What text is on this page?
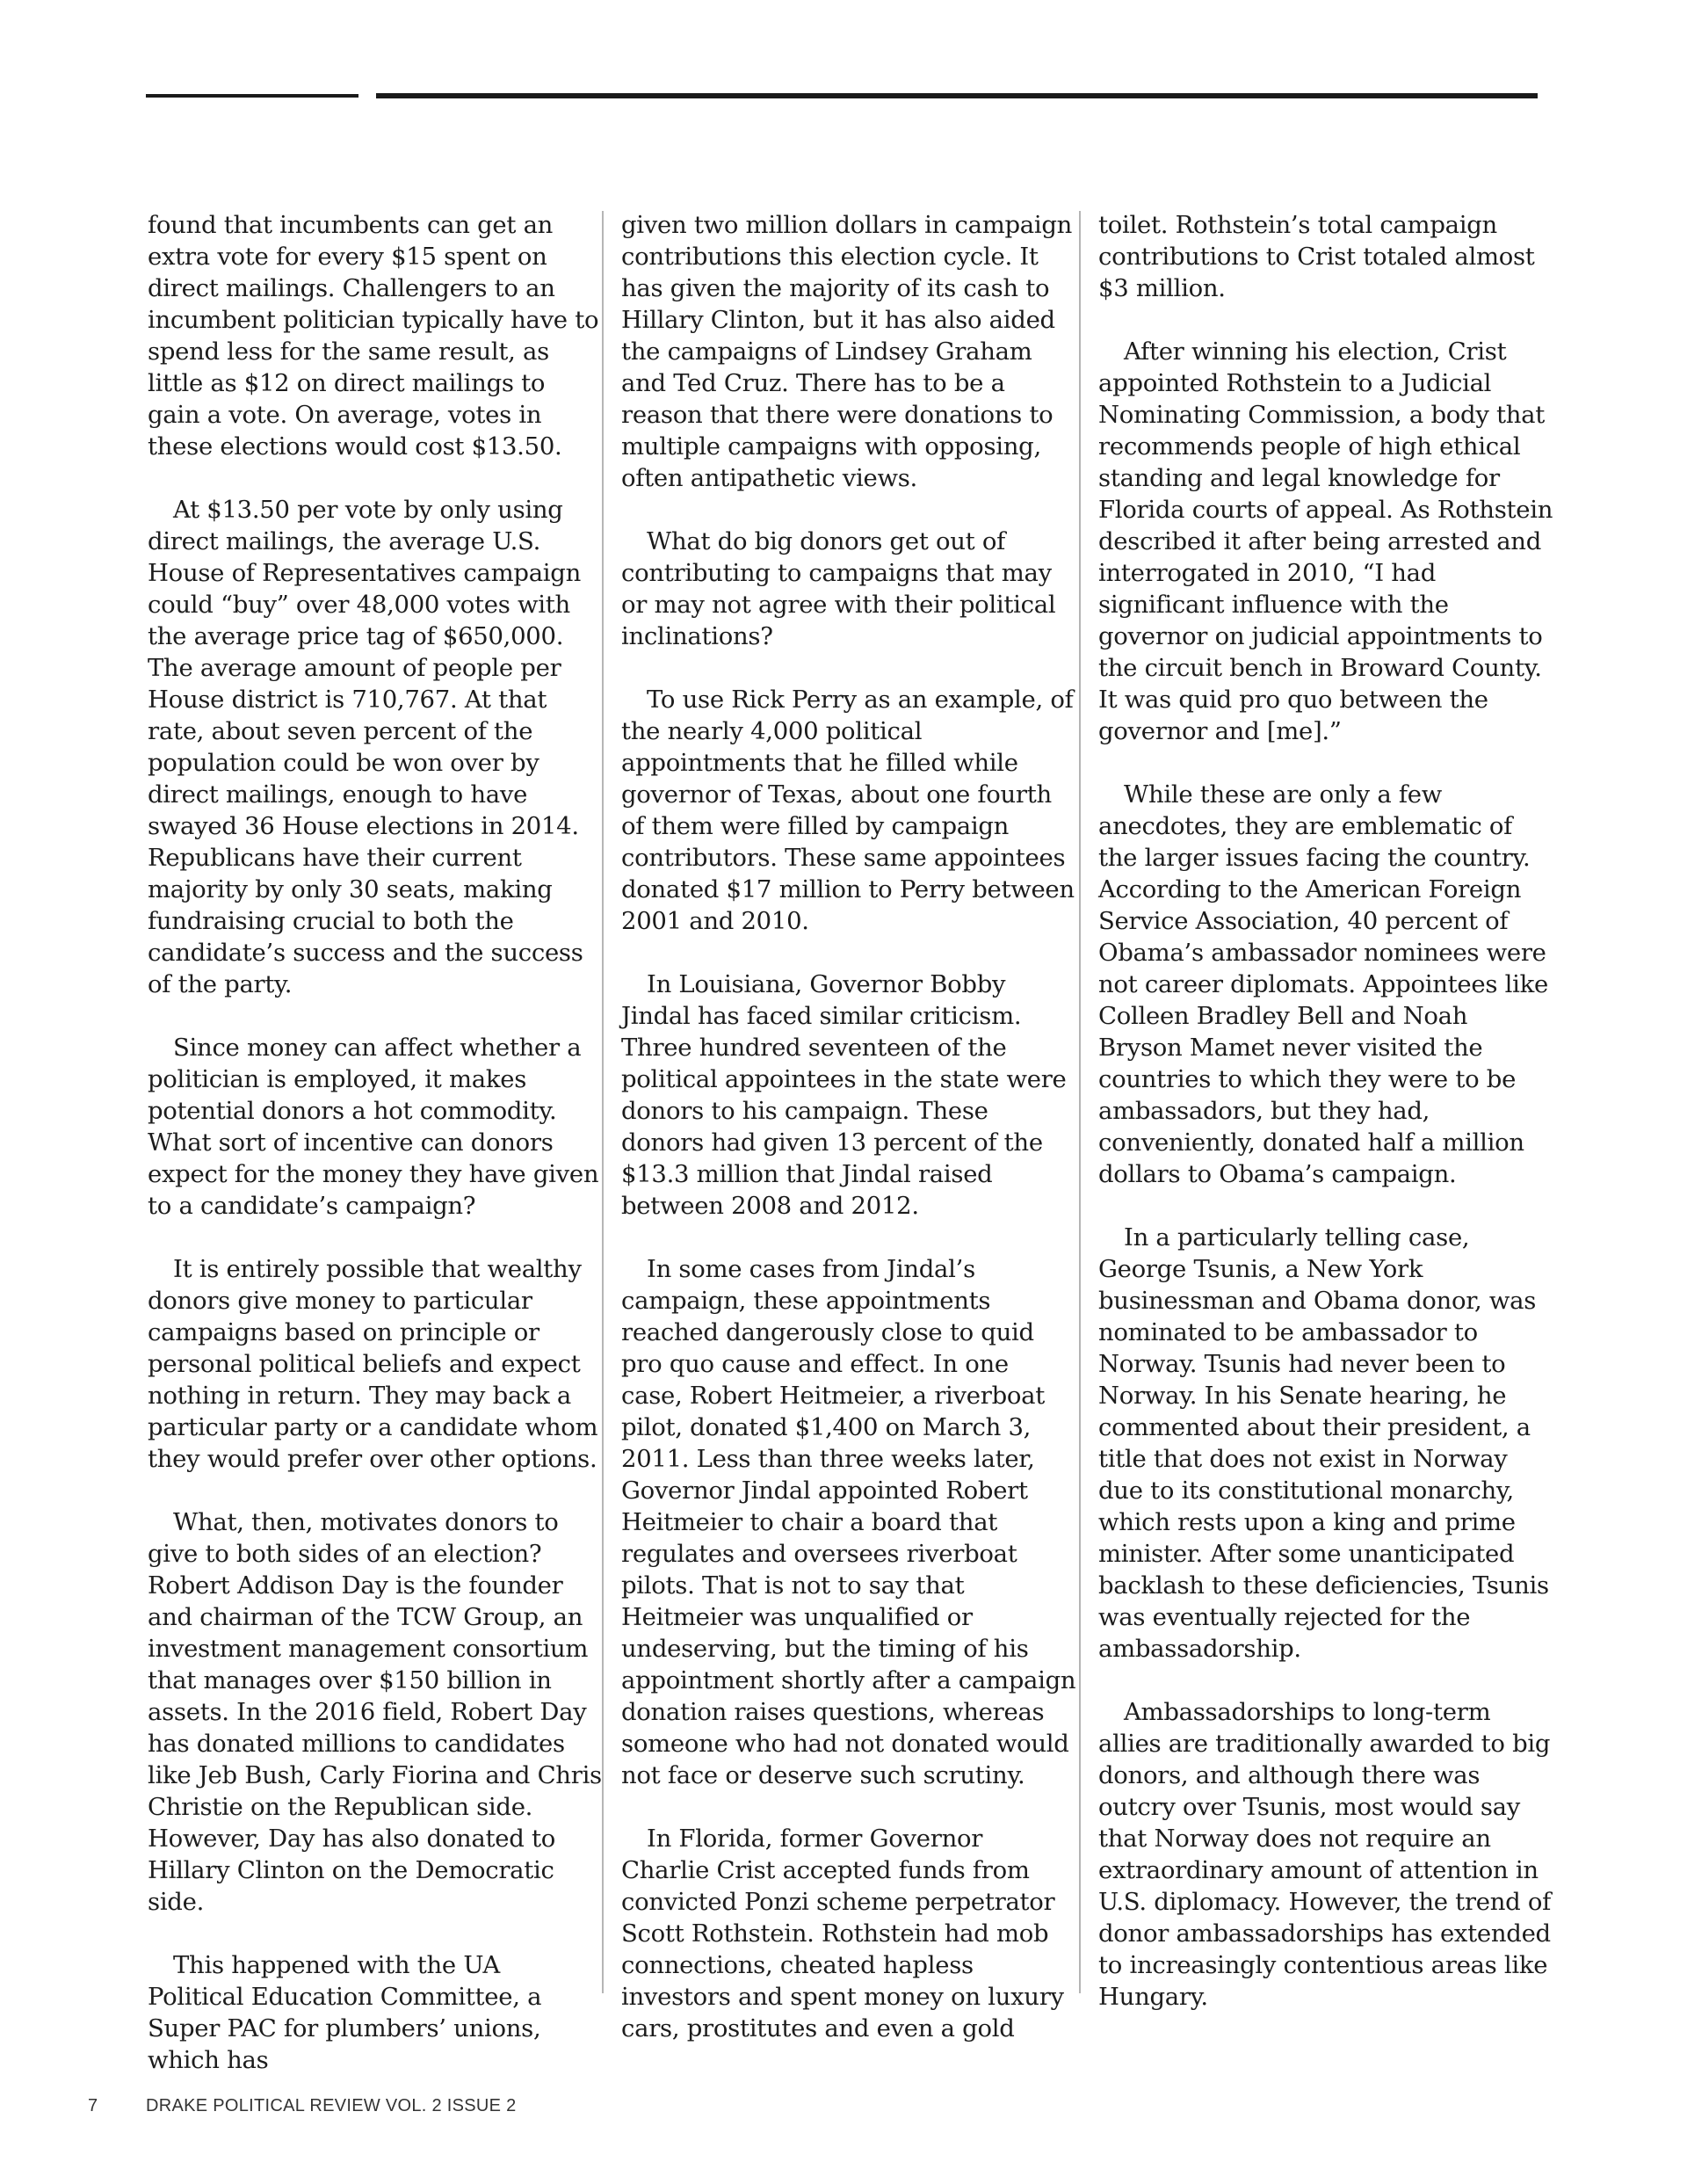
found that incumbents can get an extra vote for every $15 spent on direct mailings. Challengers to an incumbent politician typically have to spend less for the same result, as little as $12 on direct mailings to gain a vote. On average, votes in these elections would cost $13.50.

At $13.50 per vote by only using direct mailings, the average U.S. House of Representatives campaign could “buy” over 48,000 votes with the average price tag of $650,000. The average amount of people per House district is 710,767. At that rate, about seven percent of the population could be won over by direct mailings, enough to have swayed 36 House elections in 2014. Republicans have their current majority by only 30 seats, making fundraising crucial to both the candidate’s success and the success of the party.

Since money can affect whether a politician is employed, it makes potential donors a hot commodity. What sort of incentive can donors expect for the money they have given to a candidate’s campaign?

It is entirely possible that wealthy donors give money to particular campaigns based on principle or personal political beliefs and expect nothing in return. They may back a particular party or a candidate whom they would prefer over other options.

What, then, motivates donors to give to both sides of an election? Robert Addison Day is the founder and chairman of the TCW Group, an investment management consortium that manages over $150 billion in assets. In the 2016 field, Robert Day has donated millions to candidates like Jeb Bush, Carly Fiorina and Chris Christie on the Republican side. However, Day has also donated to Hillary Clinton on the Democratic side.

This happened with the UA Political Education Committee, a Super PAC for plumbers’ unions, which has

given two million dollars in campaign contributions this election cycle. It has given the majority of its cash to Hillary Clinton, but it has also aided the campaigns of Lindsey Graham and Ted Cruz. There has to be a reason that there were donations to multiple campaigns with opposing, often antipathetic views.

What do big donors get out of contributing to campaigns that may or may not agree with their political inclinations?

To use Rick Perry as an example, of the nearly 4,000 political appointments that he filled while governor of Texas, about one fourth of them were filled by campaign contributors. These same appointees donated $17 million to Perry between 2001 and 2010.

In Louisiana, Governor Bobby Jindal has faced similar criticism. Three hundred seventeen of the political appointees in the state were donors to his campaign. These donors had given 13 percent of the $13.3 million that Jindal raised between 2008 and 2012.

In some cases from Jindal’s campaign, these appointments reached dangerously close to quid pro quo cause and effect. In one case, Robert Heitmeier, a riverboat pilot, donated $1,400 on March 3, 2011. Less than three weeks later, Governor Jindal appointed Robert Heitmeier to chair a board that regulates and oversees riverboat pilots. That is not to say that Heitmeier was unqualified or undeserving, but the timing of his appointment shortly after a campaign donation raises questions, whereas someone who had not donated would not face or deserve such scrutiny.

In Florida, former Governor Charlie Crist accepted funds from convicted Ponzi scheme perpetrator Scott Rothstein. Rothstein had mob connections, cheated hapless investors and spent money on luxury cars, prostitutes and even a gold

toilet. Rothstein’s total campaign contributions to Crist totaled almost $3 million.

After winning his election, Crist appointed Rothstein to a Judicial Nominating Commission, a body that recommends people of high ethical standing and legal knowledge for Florida courts of appeal. As Rothstein described it after being arrested and interrogated in 2010, “I had significant influence with the governor on judicial appointments to the circuit bench in Broward County. It was quid pro quo between the governor and [me].”

While these are only a few anecdotes, they are emblematic of the larger issues facing the country. According to the American Foreign Service Association, 40 percent of Obama’s ambassador nominees were not career diplomats. Appointees like Colleen Bradley Bell and Noah Bryson Mamet never visited the countries to which they were to be ambassadors, but they had, conveniently, donated half a million dollars to Obama’s campaign.

In a particularly telling case, George Tsunis, a New York businessman and Obama donor, was nominated to be ambassador to Norway. Tsunis had never been to Norway. In his Senate hearing, he commented about their president, a title that does not exist in Norway due to its constitutional monarchy, which rests upon a king and prime minister. After some unanticipated backlash to these deficiencies, Tsunis was eventually rejected for the ambassadorship.

Ambassadorships to long-term allies are traditionally awarded to big donors, and although there was outcry over Tsunis, most would say that Norway does not require an extraordinary amount of attention in U.S. diplomacy. However, the trend of donor ambassadorships has extended to increasingly contentious areas like Hungary.

7	DRAKE POLITICAL REVIEW VOL. 2 ISSUE 2
